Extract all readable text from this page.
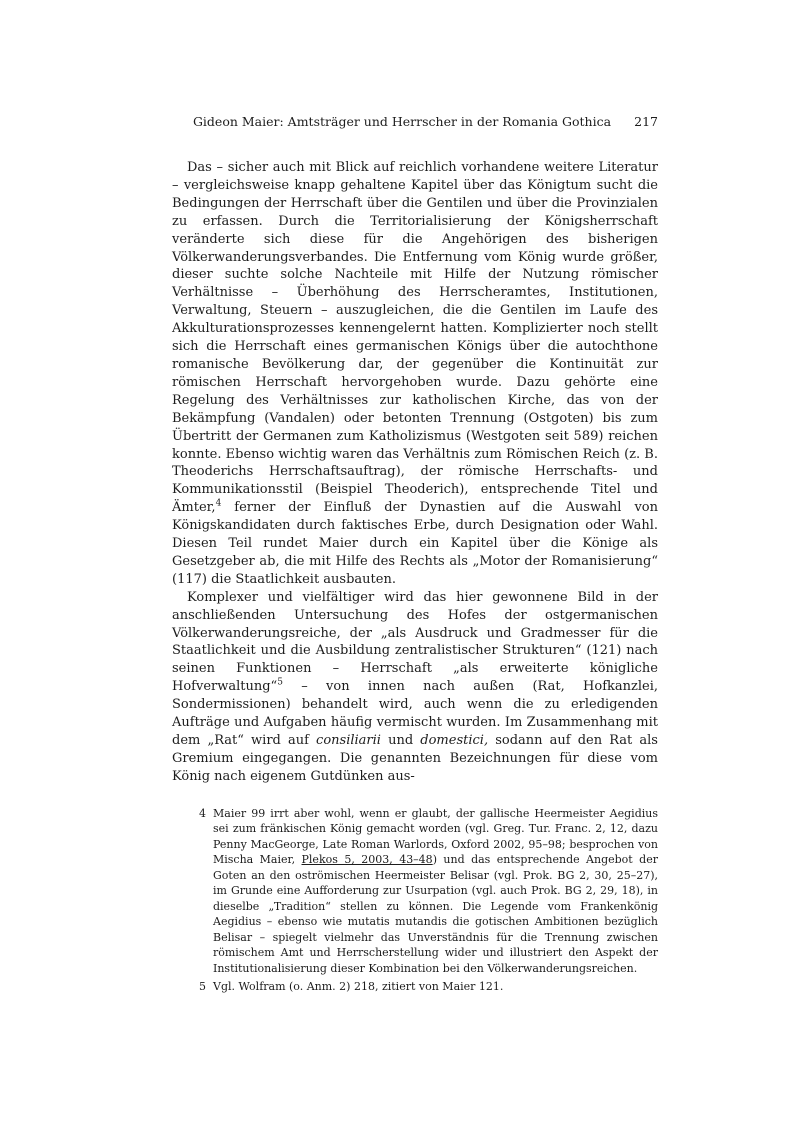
Gideon Maier: Amtsträger und Herrscher in der Romania Gothica	217

Das – sicher auch mit Blick auf reichlich vorhandene weitere Literatur – vergleichsweise knapp gehaltene Kapitel über das Königtum sucht die Bedingungen der Herrschaft über die Gentilen und über die Provinzialen zu erfassen. Durch die Territorialisierung der Königsherrschaft veränderte sich diese für die Angehörigen des bisherigen Völkerwanderungsverbandes. Die Entfernung vom König wurde größer, dieser suchte solche Nachteile mit Hilfe der Nutzung römischer Verhältnisse – Überhöhung des Herrscheramtes, Institutionen, Verwaltung, Steuern – auszugleichen, die die Gentilen im Laufe des Akkulturationsprozesses kennengelernt hatten. Komplizierter noch stellt sich die Herrschaft eines germanischen Königs über die autochthone romanische Bevölkerung dar, der gegenüber die Kontinuität zur römischen Herrschaft hervorgehoben wurde. Dazu gehörte eine Regelung des Verhältnisses zur katholischen Kirche, das von der Bekämpfung (Vandalen) oder betonten Trennung (Ostgoten) bis zum Übertritt der Germanen zum Katholizismus (Westgoten seit 589) reichen konnte. Ebenso wichtig waren das Verhältnis zum Römischen Reich (z. B. Theoderichs Herrschaftsauftrag), der römische Herrschafts- und Kommunikationsstil (Beispiel Theoderich), entsprechende Titel und Ämter,$^4$ ferner der Einfluß der Dynastien auf die Auswahl von Königskandidaten durch faktisches Erbe, durch Designation oder Wahl. Diesen Teil rundet Maier durch ein Kapitel über die Könige als Gesetzgeber ab, die mit Hilfe des Rechts als „Motor der Romanisierung“ (117) die Staatlichkeit ausbauten.

Komplexer und vielfältiger wird das hier gewonnene Bild in der anschließenden Untersuchung des Hofes der ostgermanischen Völkerwanderungsreiche, der „als Ausdruck und Gradmesser für die Staatlichkeit und die Ausbildung zentralistischer Strukturen“ (121) nach seinen Funktionen – Herrschaft „als erweiterte königliche Hofverwaltung“$^5$ – von innen nach außen (Rat, Hofkanzlei, Sondermissionen) behandelt wird, auch wenn die zu erledigenden Aufträge und Aufgaben häufig vermischt wurden. Im Zusammenhang mit dem „Rat“ wird auf consiliarii und domestici, sodann auf den Rat als Gremium eingegangen. Die genannten Bezeichnungen für diese vom König nach eigenem Gutdünken aus-

4 Maier 99 irrt aber wohl, wenn er glaubt, der gallische Heermeister Aegidius sei zum fränkischen König gemacht worden (vgl. Greg. Tur. Franc. 2, 12, dazu Penny MacGeorge, Late Roman Warlords, Oxford 2002, 95–98; besprochen von Mischa Maier, Plekos 5, 2003, 43–48) und das entsprechende Angebot der Goten an den oströmischen Heermeister Belisar (vgl. Prok. BG 2, 30, 25–27), im Grunde eine Aufforderung zur Usurpation (vgl. auch Prok. BG 2, 29, 18), in dieselbe „Tradition“ stellen zu können. Die Legende vom Frankenkönig Aegidius – ebenso wie mutatis mutandis die gotischen Ambitionen bezüglich Belisar – spiegelt vielmehr das Unverständnis für die Trennung zwischen römischem Amt und Herrscherstellung wider und illustriert den Aspekt der Institutionalisierung dieser Kombination bei den Völkerwanderungsreichen.
5 Vgl. Wolfram (o. Anm. 2) 218, zitiert von Maier 121.
